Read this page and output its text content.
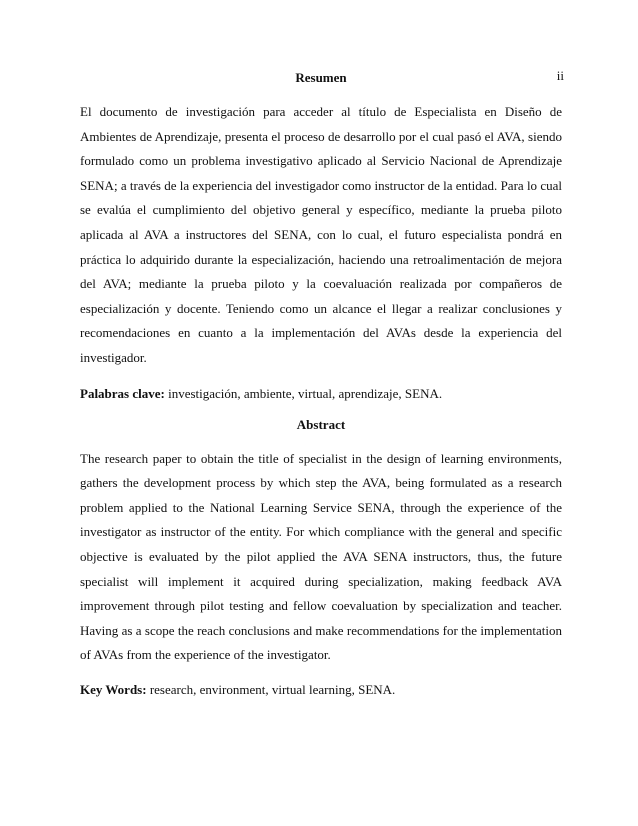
ii

Resumen

El documento de investigación para acceder al título de Especialista en Diseño de Ambientes de Aprendizaje, presenta el proceso de desarrollo por el cual pasó el AVA, siendo formulado como un problema investigativo aplicado al Servicio Nacional de Aprendizaje SENA; a través de la experiencia del investigador como instructor de la entidad. Para lo cual se evalúa el cumplimiento del objetivo general y específico, mediante la prueba piloto aplicada al AVA a instructores del SENA, con lo cual, el futuro especialista pondrá en práctica lo adquirido durante la especialización, haciendo una retroalimentación de mejora del AVA; mediante la prueba piloto y la coevaluación realizada por compañeros de especialización y docente. Teniendo como un alcance el llegar a realizar conclusiones y recomendaciones en cuanto a la implementación del AVAs desde la experiencia del investigador.

Palabras clave: investigación, ambiente, virtual, aprendizaje, SENA.

Abstract

The research paper to obtain the title of specialist in the design of learning environments, gathers the development process by which step the AVA, being formulated as a research problem applied to the National Learning Service SENA, through the experience of the investigator as instructor of the entity. For which compliance with the general and specific objective is evaluated by the pilot applied the AVA SENA instructors, thus, the future specialist will implement it acquired during specialization, making feedback AVA improvement through pilot testing and fellow coevaluation by specialization and teacher. Having as a scope the reach conclusions and make recommendations for the implementation of AVAs from the experience of the investigator.

Key Words: research, environment, virtual learning, SENA.
